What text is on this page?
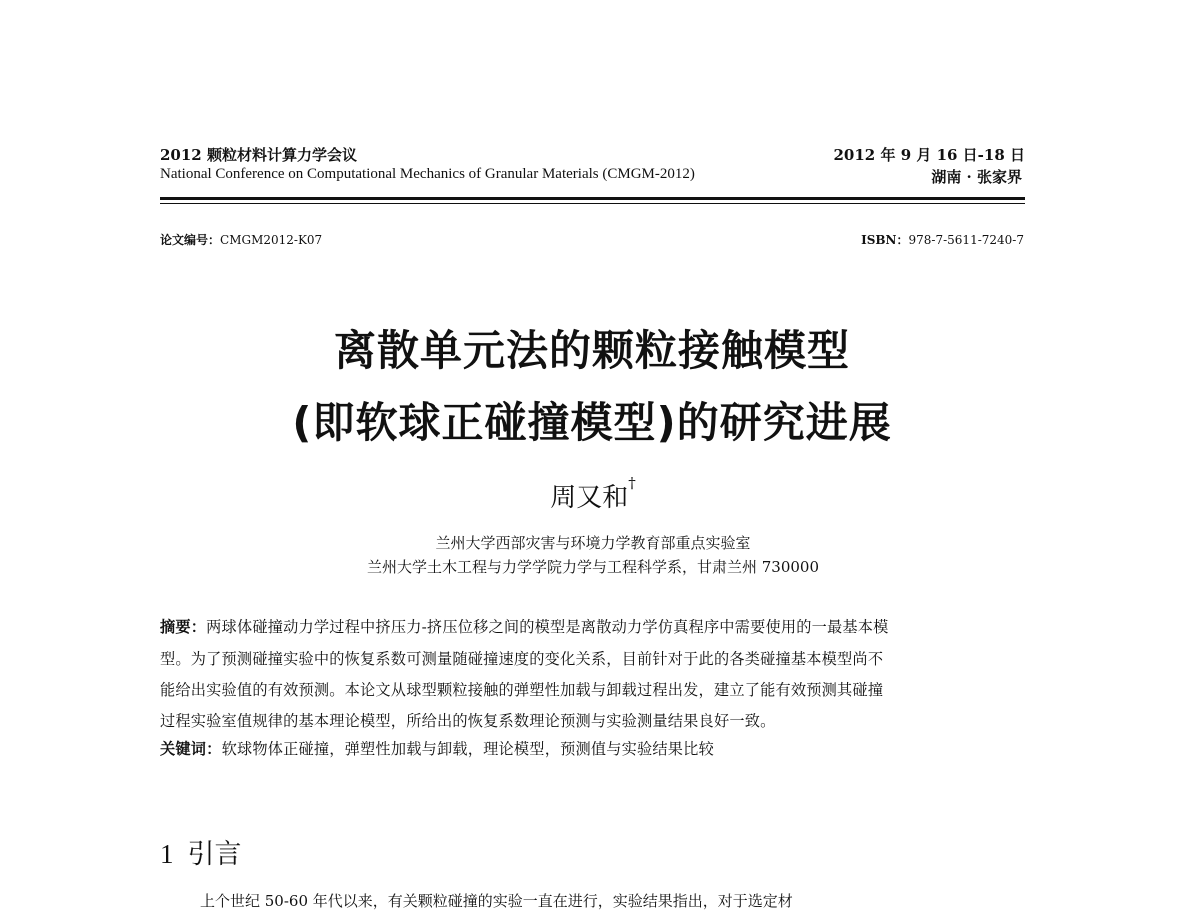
2012 颗粒材料计算力学会议
National Conference on Computational Mechanics of Granular Materials (CMGM-2012)
2012 年 9 月 16 日-18 日
湖南 · 张家界
论文编号：CMGM2012-K07	ISBN：978-7-5611-7240-7
离散单元法的颗粒接触模型
(即软球正碰撞模型)的研究进展
周又和†
兰州大学西部灾害与环境力学教育部重点实验室
兰州大学土木工程与力学学院力学与工程科学系，甘肃兰州 730000
摘要：两球体碰撞动力学过程中挤压力-挤压位移之间的模型是离散动力学仿真程序中需要使用的一最基本模
型。为了预测碰撞实验中的恢复系数可测量随碰撞速度的变化关系，目前针对于此的各类碰撞基本模型尚不
能给出实验值的有效预测。本论文从球型颗粒接触的弹塑性加载与卸载过程出发，建立了能有效预测其碰撞
过程实验室值规律的基本理论模型，所给出的恢复系数理论预测与实验测量结果良好一致。
关键词：软球物体正碰撞，弹塑性加载与卸载，理论模型，预测值与实验结果比较
1 引言
上个世纪 50-60 年代以来，有关颗粒碰撞的实验一直在进行，实验结果指出，对于选定材
